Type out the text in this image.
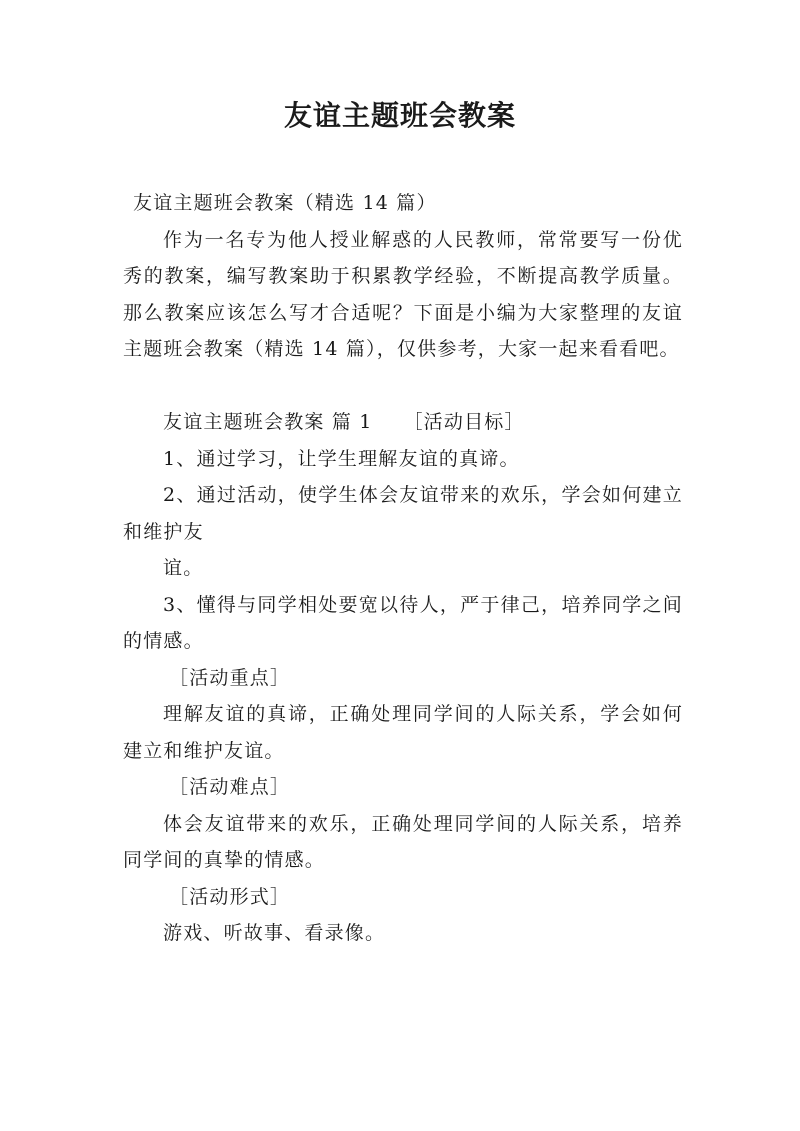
友谊主题班会教案

友谊主题班会教案（精选 14 篇）

作为一名专为他人授业解惑的人民教师，常常要写一份优秀的教案，编写教案助于积累教学经验，不断提高教学质量。那么教案应该怎么写才合适呢？下面是小编为大家整理的友谊主题班会教案（精选 14 篇），仅供参考，大家一起来看看吧。

友谊主题班会教案 篇 1　　［活动目标］

1、通过学习，让学生理解友谊的真谛。

2、通过活动，使学生体会友谊带来的欢乐，学会如何建立和维护友

谊。

3、懂得与同学相处要宽以待人，严于律己，培养同学之间的情感。

［活动重点］

理解友谊的真谛，正确处理同学间的人际关系，学会如何建立和维护友谊。

［活动难点］

体会友谊带来的欢乐，正确处理同学间的人际关系，培养同学间的真挚的情感。

［活动形式］

游戏、听故事、看录像。
